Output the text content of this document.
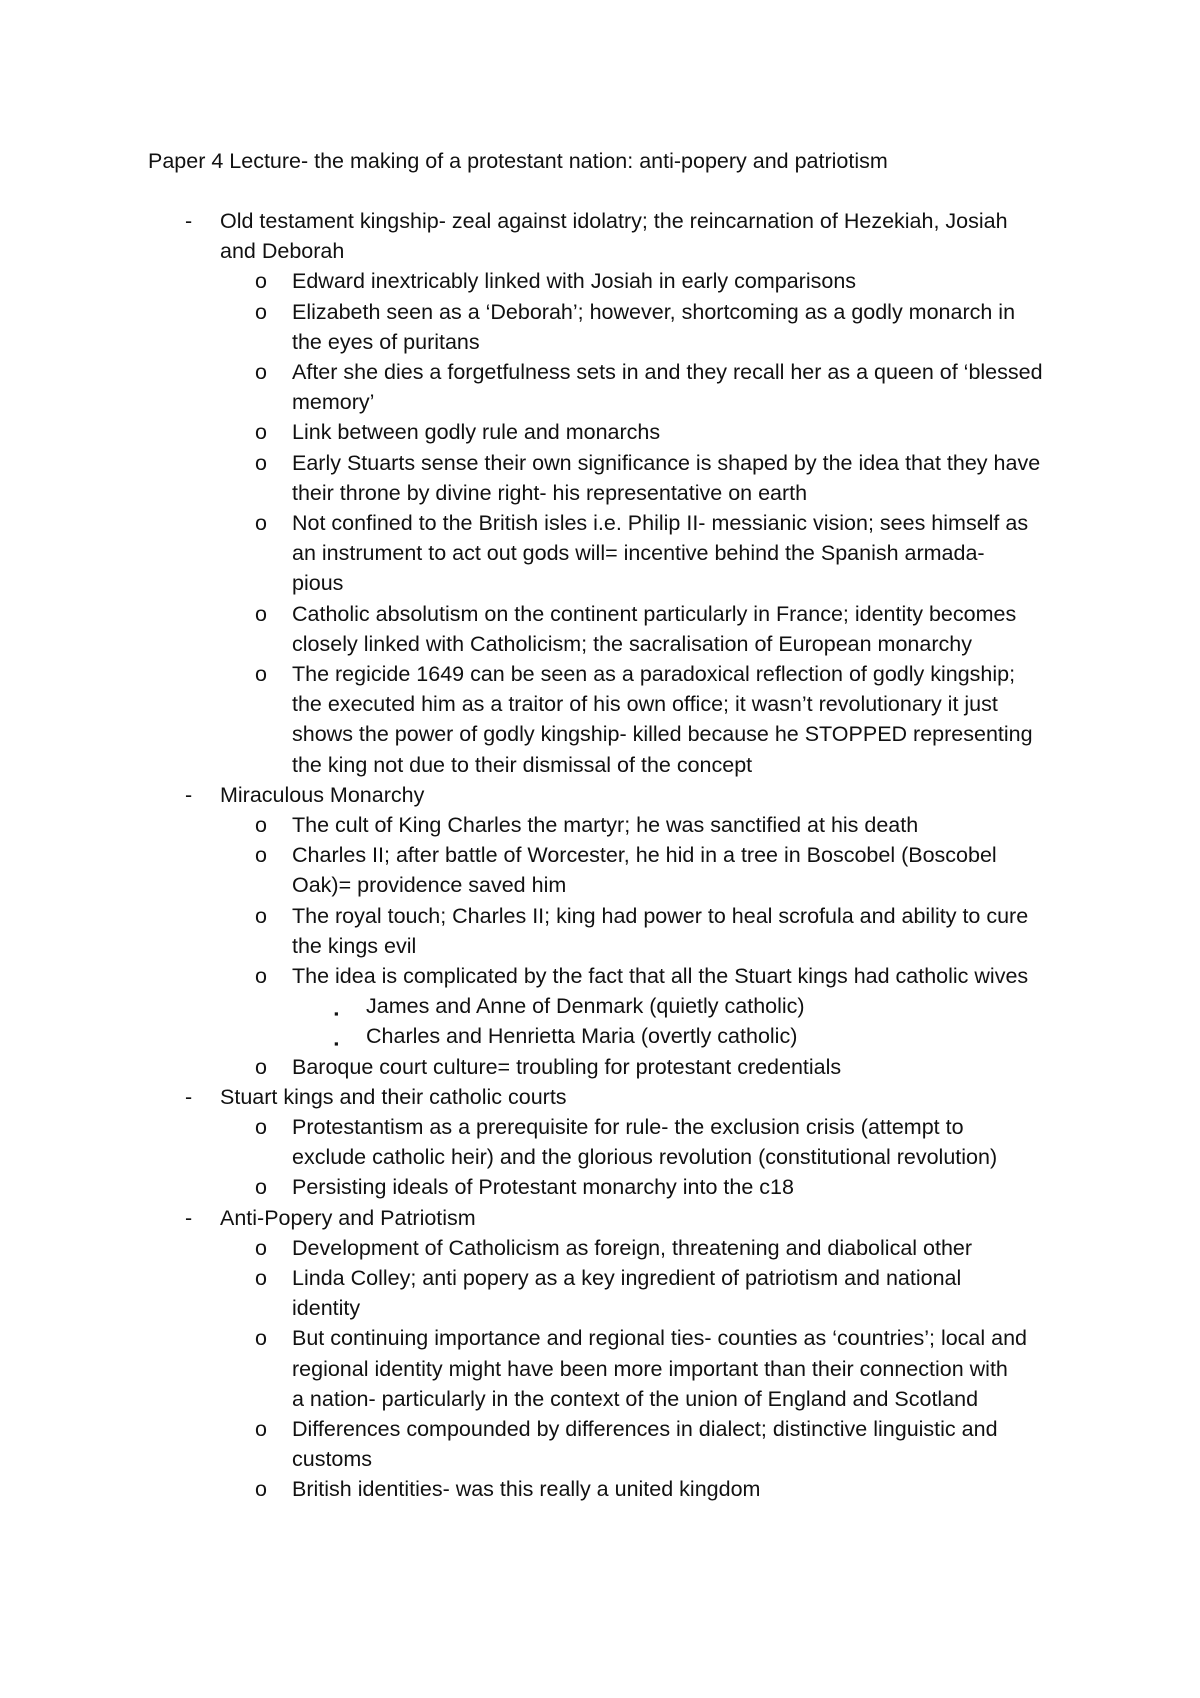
Paper 4 Lecture- the making of a protestant nation: anti-popery and patriotism
- Old testament kingship- zeal against idolatry; the reincarnation of Hezekiah, Josiah
and Deborah
o Edward inextricably linked with Josiah in early comparisons
o Elizabeth seen as a ‘Deborah’; however, shortcoming as a godly monarch in
the eyes of puritans
o After she dies a forgetfulness sets in and they recall her as a queen of ‘blessed
memory’
o Link between godly rule and monarchs
o Early Stuarts sense their own significance is shaped by the idea that they have
their throne by divine right- his representative on earth
o Not confined to the British isles i.e. Philip II- messianic vision; sees himself as
an instrument to act out gods will= incentive behind the Spanish armada-
pious
o Catholic absolutism on the continent particularly in France; identity becomes
closely linked with Catholicism; the sacralisation of European monarchy
o The regicide 1649 can be seen as a paradoxical reflection of godly kingship;
the executed him as a traitor of his own office; it wasn’t revolutionary it just
shows the power of godly kingship- killed because he STOPPED representing
the king not due to their dismissal of the concept
- Miraculous Monarchy
o The cult of King Charles the martyr; he was sanctified at his death
o Charles II; after battle of Worcester, he hid in a tree in Boscobel (Boscobel
Oak)= providence saved him
o The royal touch; Charles II; king had power to heal scrofula and ability to cure
the kings evil
o The idea is complicated by the fact that all the Stuart kings had catholic wives
▪ James and Anne of Denmark (quietly catholic)
▪ Charles and Henrietta Maria (overtly catholic)
o Baroque court culture= troubling for protestant credentials
- Stuart kings and their catholic courts
o Protestantism as a prerequisite for rule- the exclusion crisis (attempt to
exclude catholic heir) and the glorious revolution (constitutional revolution)
o Persisting ideals of Protestant monarchy into the c18
- Anti-Popery and Patriotism
o Development of Catholicism as foreign, threatening and diabolical other
o Linda Colley; anti popery as a key ingredient of patriotism and national
identity
o But continuing importance and regional ties- counties as ‘countries’; local and
regional identity might have been more important than their connection with
a nation- particularly in the context of the union of England and Scotland
o Differences compounded by differences in dialect; distinctive linguistic and
customs
o British identities- was this really a united kingdom
